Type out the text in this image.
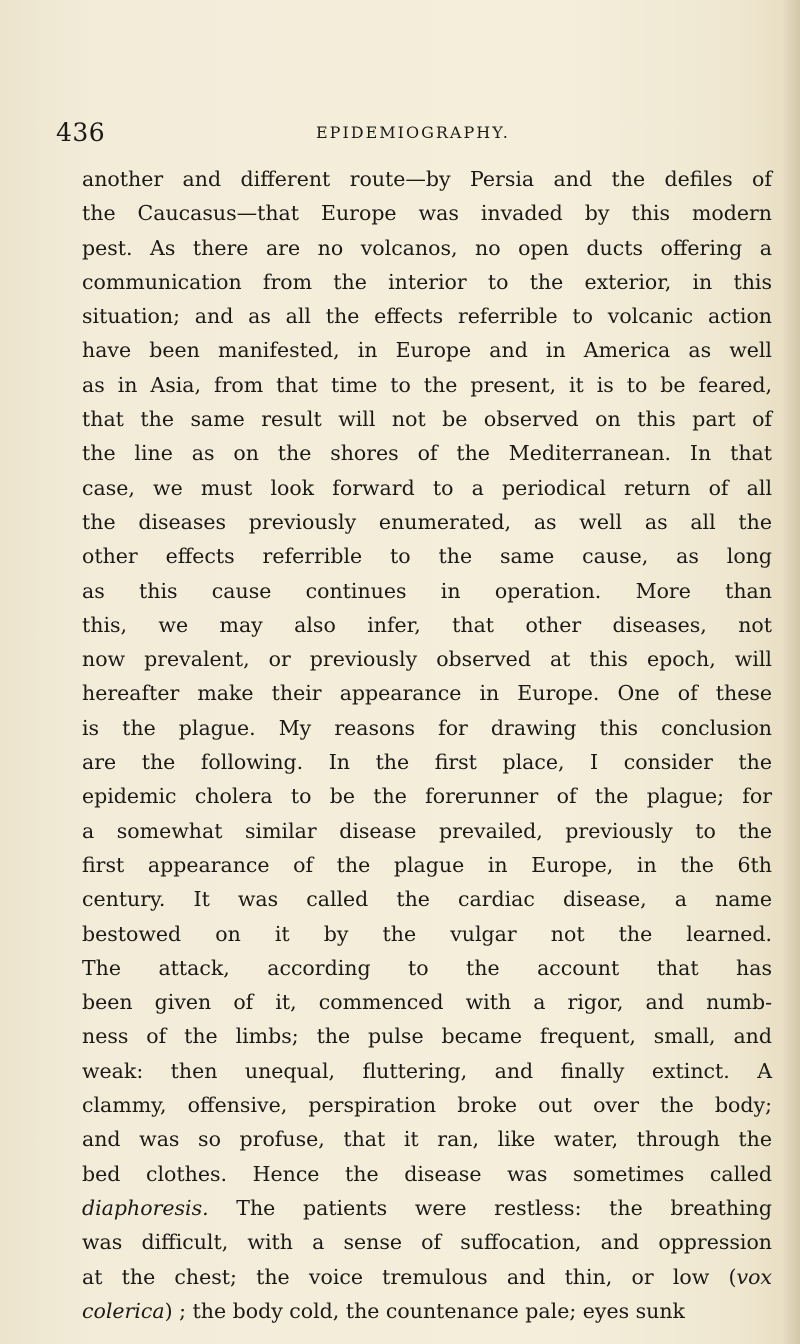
436	EPIDEMIOGRAPHY.
another and different route—by Persia and the defiles of
the Caucasus—that Europe was invaded by this modern
pest. As there are no volcanos, no open ducts offering a
communication from the interior to the exterior, in this
situation; and as all the effects referrible to volcanic action
have been manifested, in Europe and in America as well
as in Asia, from that time to the present, it is to be feared,
that the same result will not be observed on this part of
the line as on the shores of the Mediterranean. In that
case, we must look forward to a periodical return of all
the diseases previously enumerated, as well as all the
other effects referrible to the same cause, as long
as this cause continues in operation. More than
this, we may also infer, that other diseases, not
now prevalent, or previously observed at this epoch, will
hereafter make their appearance in Europe. One of these
is the plague. My reasons for drawing this conclusion
are the following. In the first place, I consider the
epidemic cholera to be the forerunner of the plague; for
a somewhat similar disease prevailed, previously to the
first appearance of the plague in Europe, in the 6th
century. It was called the cardiac disease, a name
bestowed on it by the vulgar not the learned.
The attack, according to the account that has
been given of it, commenced with a rigor, and numb-
ness of the limbs; the pulse became frequent, small, and
weak: then unequal, fluttering, and finally extinct. A
clammy, offensive, perspiration broke out over the body;
and was so profuse, that it ran, like water, through the
bed clothes. Hence the disease was sometimes called
diaphoresis. The patients were restless: the breathing
was difficult, with a sense of suffocation, and oppression
at the chest; the voice tremulous and thin, or low (vox
colerica) ; the body cold, the countenance pale; eyes sunk
